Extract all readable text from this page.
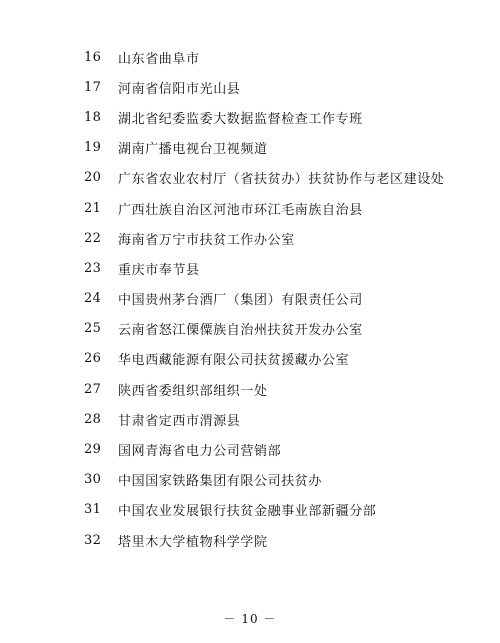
16	山东省曲阜市
17	河南省信阳市光山县
18	湖北省纪委监委大数据监督检查工作专班
19	湖南广播电视台卫视频道
20	广东省农业农村厅（省扶贫办）扶贫协作与老区建设处
21	广西壮族自治区河池市环江毛南族自治县
22	海南省万宁市扶贫工作办公室
23	重庆市奉节县
24	中国贵州茅台酒厂（集团）有限责任公司
25	云南省怒江傈僳族自治州扶贫开发办公室
26	华电西藏能源有限公司扶贫援藏办公室
27	陕西省委组织部组织一处
28	甘肃省定西市渭源县
29	国网青海省电力公司营销部
30	中国国家铁路集团有限公司扶贫办
31	中国农业发展银行扶贫金融事业部新疆分部
32	塔里木大学植物科学学院
－ 10 －
